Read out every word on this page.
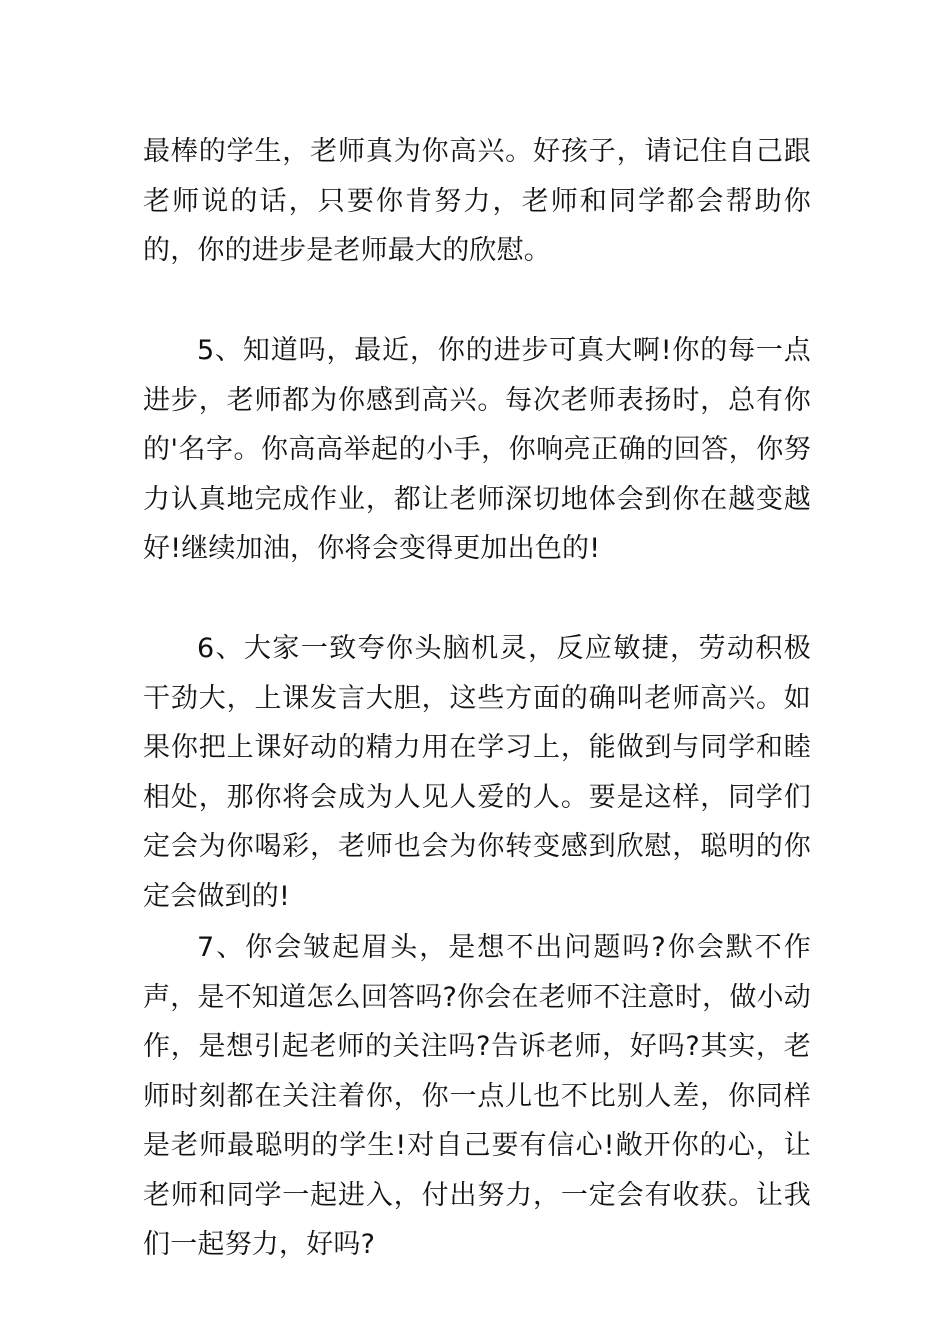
最棒的学生，老师真为你高兴。好孩子，请记住自己跟老师说的话，只要你肯努力，老师和同学都会帮助你的，你的进步是老师最大的欣慰。

5、知道吗，最近，你的进步可真大啊!你的每一点进步，老师都为你感到高兴。每次老师表扬时，总有你的'名字。你高高举起的小手，你响亮正确的回答，你努力认真地完成作业，都让老师深切地体会到你在越变越好!继续加油，你将会变得更加出色的!

6、大家一致夸你头脑机灵，反应敏捷，劳动积极干劲大，上课发言大胆，这些方面的确叫老师高兴。如果你把上课好动的精力用在学习上，能做到与同学和睦相处，那你将会成为人见人爱的人。要是这样，同学们定会为你喝彩，老师也会为你转变感到欣慰，聪明的你定会做到的!

7、你会皱起眉头，是想不出问题吗?你会默不作声，是不知道怎么回答吗?你会在老师不注意时，做小动作，是想引起老师的关注吗?告诉老师，好吗?其实，老师时刻都在关注着你，你一点儿也不比别人差，你同样是老师最聪明的学生!对自己要有信心!敞开你的心，让老师和同学一起进入，付出努力，一定会有收获。让我们一起努力，好吗?
